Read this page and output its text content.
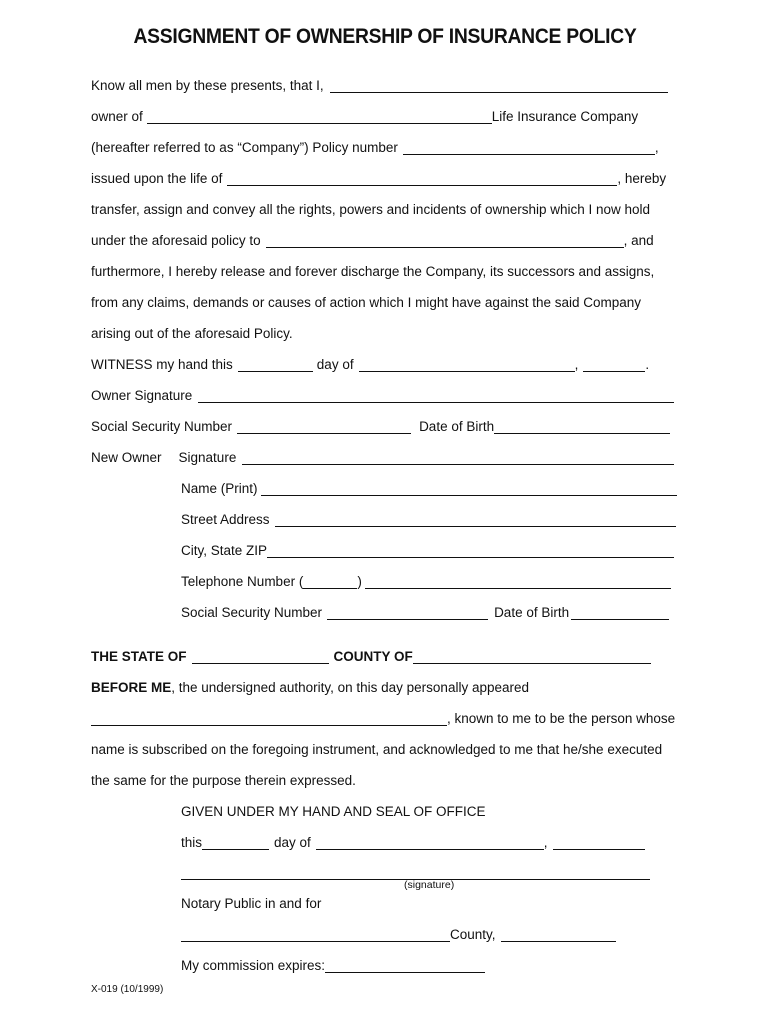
ASSIGNMENT OF OWNERSHIP OF INSURANCE POLICY
Know all men by these presents, that I,
owner of	Life Insurance Company
(hereafter referred to as “Company”) Policy number	,
issued upon the life of	, hereby
transfer, assign and convey all the rights, powers and incidents of ownership which I now hold
under the aforesaid policy to	, and
furthermore, I hereby release and forever discharge the Company, its successors and assigns,
from any claims, demands or causes of action which I might have against the said Company
arising out of the aforesaid Policy.
WITNESS my hand this	day of	,	.
Owner Signature
Social Security Number	Date of Birth
New Owner Signature
Name (Print)
Street Address
City, State ZIP
Telephone Number (	)
Social Security Number	Date of Birth
THE STATE OF	COUNTY OF
BEFORE ME , the undersigned authority, on this day personally appeared
, known to me to be the person whose
name is subscribed on the foregoing instrument, and acknowledged to me that he/she executed
the same for the purpose therein expressed.
GIVEN UNDER MY HAND AND SEAL OF OFFICE
this	day of	,
(signature)
Notary Public in and for
County,
My commission expires:
X-019 (10/1999)
